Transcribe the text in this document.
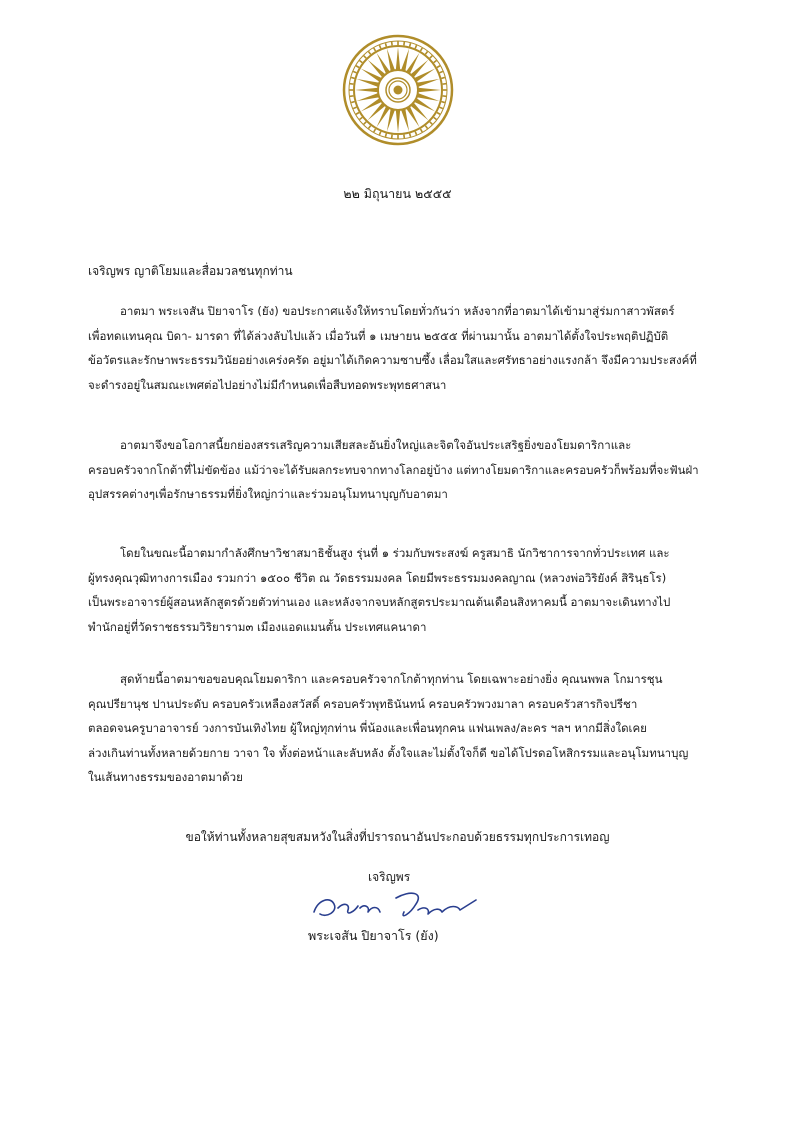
๒๒ มิถุนายน ๒๕๕๕
เจริญพร ญาติโยมและสื่อมวลชนทุกท่าน
อาตมา พระเจสัน ปิยาจาโร (ยัง) ขอประกาศแจ้งให้ทราบโดยทั่วกันว่า หลังจากที่อาตมาได้เข้ามาสู่ร่มกาสาวพัสตร์
เพื่อทดแทนคุณ บิดา- มารดา ที่ได้ล่วงลับไปแล้ว เมื่อวันที่ ๑ เมษายน ๒๕๕๕ ที่ผ่านมานั้น อาตมาได้ตั้งใจประพฤติปฏิบัติ
ข้อวัตรและรักษาพระธรรมวินัยอย่างเคร่งครัด อยู่มาได้เกิดความซาบซึ้ง เลื่อมใสและศรัทธาอย่างแรงกล้า จึงมีความประสงค์ที่
จะดำรงอยู่ในสมณะเพศต่อไปอย่างไม่มีกำหนดเพื่อสืบทอดพระพุทธศาสนา
อาตมาจึงขอโอกาสนี้ยกย่องสรรเสริญความเสียสละอันยิ่งใหญ่และจิตใจอันประเสริฐยิ่งของโยมดาริกาและ
ครอบครัวจากโกต้าที่ไม่ขัดข้อง แม้ว่าจะได้รับผลกระทบจากทางโลกอยู่บ้าง แต่ทางโยมดาริกาและครอบครัวก็พร้อมที่จะฟันฝ่า
อุปสรรคต่างๆเพื่อรักษาธรรมที่ยิ่งใหญ่กว่าและร่วมอนุโมทนาบุญกับอาตมา
โดยในขณะนี้อาตมากำลังศึกษาวิชาสมาธิชั้นสูง รุ่นที่ ๑ ร่วมกับพระสงฆ์ ครูสมาธิ นักวิชาการจากทั่วประเทศ และ
ผู้ทรงคุณวุฒิทางการเมือง รวมกว่า ๑๕๐๐ ชีวิต ณ วัดธรรมมงคล โดยมีพระธรรมมงคลญาณ (หลวงพ่อวิริยังค์ สิรินฺธโร)
เป็นพระอาจารย์ผู้สอนหลักสูตรด้วยตัวท่านเอง และหลังจากจบหลักสูตรประมาณต้นเดือนสิงหาคมนี้ อาตมาจะเดินทางไป
พำนักอยู่ที่วัดราชธรรมวิริยาราม๓ เมืองแอดแมนตั้น ประเทศแคนาดา
สุดท้ายนี้อาตมาขอขอบคุณโยมดาริกา และครอบครัวจากโกต้าทุกท่าน โดยเฉพาะอย่างยิ่ง คุณนพพล โกมารชุน
คุณปรียานุช ปานประดับ ครอบครัวเหลืองสวัสดิ์ ครอบครัวพุทธินันทน์ ครอบครัวพวงมาลา ครอบครัวสารกิจปรีชา
ตลอดจนครูบาอาจารย์ วงการบันเทิงไทย ผู้ใหญ่ทุกท่าน พี่น้องและเพื่อนทุกคน แฟนเพลง/ละคร ฯลฯ หากมีสิ่งใดเคย
ล่วงเกินท่านทั้งหลายด้วยกาย วาจา ใจ ทั้งต่อหน้าและลับหลัง ตั้งใจและไม่ตั้งใจก็ดี ขอได้โปรดอโหสิกรรมและอนุโมทนาบุญ
ในเส้นทางธรรมของอาตมาด้วย
ขอให้ท่านทั้งหลายสุขสมหวังในสิ่งที่ปรารถนาอันประกอบด้วยธรรมทุกประการเทอญ
เจริญพร
พระเจสัน ปิยาจาโร (ยัง)
